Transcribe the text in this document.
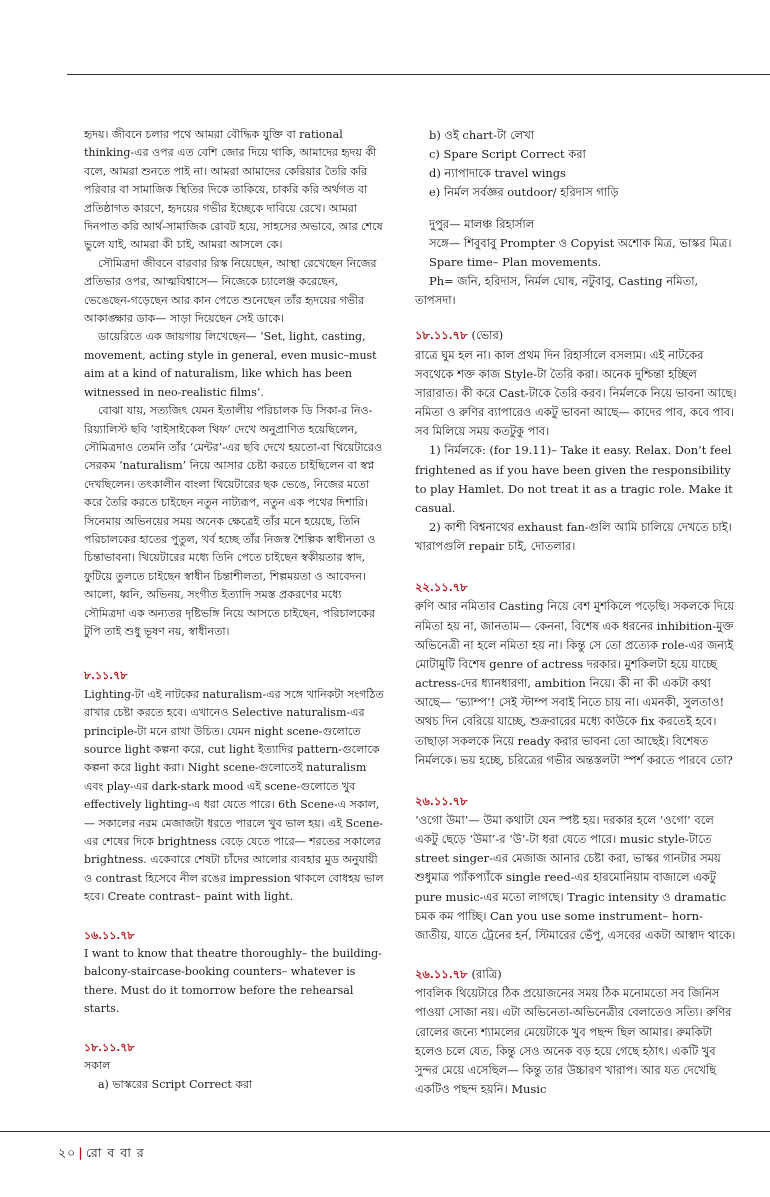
হৃদয়। জীবনে চলার পথে আমরা বৌদ্ধিক যুক্তি বা rational thinking-এর ওপর এত বেশি জোর দিয়ে থাকি, আমাদের হৃদয় কী বলে, আমরা শুনতে পাই না। আমরা আমাদের কেরিয়ার তৈরি করি পরিবার বা সামাজিক স্থিতির দিকে তাকিয়ে, চাকরি করি অর্থগত বা প্রতিষ্ঠাগত কারণে, হৃদয়ের গভীর ইচ্ছেকে দাবিয়ে রেখে। আমরা দিনপাত করি আর্থ-সামাজিক রোবট হয়ে, সাহসের অভাবে, আর শেষে ভুলে যাই, আমরা কী চাই, আমরা আসলে কে।

সৌমিত্রদা জীবনে বারবার রিস্ক নিয়েছেন, আস্থা রেখেছেন নিজের প্রতিভার ওপর, আত্মবিশ্বাসে— নিজেকে চ্যালেঞ্জ করেছেন, ভেঙেছেন-গড়েছেন আর কান পেতে শুনেছেন তাঁর হৃদয়ের গভীর আকাঙ্ক্ষার ডাক— সাড়া দিয়েছেন সেই ডাকে।

ডায়েরিতে এক জায়গায় লিখেছেন— ‘Set, light, casting, movement, acting style in general, even music–must aim at a kind of naturalism, like which has been witnessed in neo-realistic films’.

বোঝা যায়, সত্যজিৎ যেমন ইতালীয় পরিচালক ডি সিকা-র নিও-রিয়্যালিস্ট ছবি ‘বাইসাইকেল থিফ’ দেখে অনুপ্রাণিত হয়েছিলেন, সৌমিত্রদাও তেমনি তাঁর ‘মেন্টর’-এর ছবি দেখে হয়তো-বা থিয়েটারেও সেরকম ‘naturalism’ নিয়ে আসার চেষ্টা করতে চাইছিলেন বা স্বপ্ন দেখছিলেন। তৎকালীন বাংলা থিয়েটারের ছক ভেঙে, নিজের মতো করে তৈরি করতে চাইছেন নতুন নাট্যরূপ, নতুন এক পথের দিশারি। সিনেমায় অভিনয়ের সময় অনেক ক্ষেত্রেই তাঁর মনে হয়েছে, তিনি পরিচালকের হাতের পুতুল, খর্ব হচ্ছে তাঁর নিজস্ব শৈল্পিক স্বাধীনতা ও চিন্তাভাবনা। থিয়েটারের মধ্যে তিনি পেতে চাইছেন স্বকীয়তার স্বাদ, ফুটিয়ে তুলতে চাইছেন স্বাধীন চিন্তাশীলতা, শিল্পময়তা ও আবেদন। আলো, ধ্বনি, অভিনয়, সংগীত ইত্যাদি সমস্ত প্রকরণের মধ্যে সৌমিত্রদা এক অন্যতর দৃষ্টিভঙ্গি নিয়ে আসতে চাইছেন, পরিচালকের টুপি তাই শুধু ভূষণ নয়, স্বাধীনতা।

৮.১১.৭৮

Lighting-টা এই নাটকের naturalism-এর সঙ্গে খানিকটা সংগঠিত রাখার চেষ্টা করতে হবে। এখানেও Selective naturalism-এর principle-টা মনে রাখা উচিত। যেমন night scene-গুলোতে source light কল্পনা করে, cut light ইত্যাদির pattern-গুলোকে কল্পনা করে light করা। Night scene-গুলোতেই naturalism এবং play-এর dark-stark mood এই scene-গুলোতে খুব effectively lighting-এ ধরা যেতে পারে। 6th Scene-এ সকাল,— সকালের নরম মেজাজটা ধরতে পারলে খুব ভাল হয়। এই Scene-এর শেষের দিকে brightness বেড়ে যেতে পারে— শরতের সকালের brightness. একেবারে শেষটা চাঁদের আলোর ব্যবহার মুড অনুযায়ী ও contrast হিসেবে নীল রঙের impression থাকলে বোধহয় ভাল হবে। Create contrast– paint with light.

১৬.১১.৭৮

I want to know that theatre thoroughly– the building-balcony-staircase-booking counters– whatever is there. Must do it tomorrow before the rehearsal starts.

১৮.১১.৭৮

সকাল

a) ভাস্করের Script Correct করা

b) ওই chart-টা লেখা

c) Spare Script Correct করা

d) ন্যাপাদাকে travel wings

e) নির্মল সর্বজ্ঞর outdoor/ হরিদাস গাড়ি

দুপুর— মালঞ্চ রিহার্সাল

সঙ্গে— শিবুবাবু Prompter ও Copyist অশোক মিত্র, ভাস্কর মিত্র।

Spare time– Plan movements.

Ph= জনি, হরিদাস, নির্মল ঘোষ, নটুবাবু, Casting নমিতা, তাপসদা।

১৮.১১.৭৮ (ভোর)

রাত্রে ঘুম হল না। কাল প্রথম দিন রিহার্সালে বসলাম। এই নাটকের সবথেকে শক্ত কাজ Style-টা তৈরি করা। অনেক দুশ্চিন্তা হচ্ছিল সারারাত। কী করে Cast-টাকে তৈরি করব। নির্মলকে নিয়ে ভাবনা আছে। নমিতা ও রুণির ব্যাপারেও একটু ভাবনা আছে— কাদের পাব, কবে পাব। সব মিলিয়ে সময় কতটুকু পাব।

1) নির্মলকে: (for 19.11)– Take it easy. Relax. Don’t feel frightened as if you have been given the responsibility to play Hamlet. Do not treat it as a tragic role. Make it casual.

2) কাশী বিশ্বনাথের exhaust fan-গুলি আমি চালিয়ে দেখতে চাই। খারাপগুলি repair চাই, দোতলার।

২২.১১.৭৮

রুণি আর নমিতার Casting নিয়ে বেশ মুশকিলে পড়েছি। সকলকে দিয়ে নমিতা হয় না, জানতাম— কেননা, বিশেষ এক ধরনের inhibition-মুক্ত অভিনেত্রী না হলে নমিতা হয় না। কিন্তু সে তো প্রত্যেক role-এর জন্যই মোটামুটি বিশেষ genre of actress দরকার। মুশকিলটা হয়ে যাচ্ছে actress-দের ধ্যানধারণা, ambition নিয়ে। কী না কী একটা কথা আছে— ‘ভ্যাম্প’! সেই স্টাম্প সবাই নিতে চায় না। এমনকী, সুলতাও! অথচ দিন বেরিয়ে যাচ্ছে, শুক্রবারের মধ্যে কাউকে fix করতেই হবে। তাছাড়া সকলকে নিয়ে ready করার ভাবনা তো আছেই। বিশেষত নির্মলকে। ভয় হচ্ছে, চরিত্রের গভীর অন্তস্তলটা স্পর্শ করতে পারবে তো?

২৬.১১.৭৮

‘ওগো উমা’— উমা কথাটা যেন স্পষ্ট হয়। দরকার হলে ‘ওগো’ বলে একটু ছেড়ে ‘উমা’-র ‘উ’-টা ধরা যেতে পারে। music style-টাতে street singer-এর মেজাজ আনার চেষ্টা করা, ভাস্কর গানটার সময় শুধুমাত্র প্যাঁকপ্যাঁকে single reed-এর হারমোনিয়াম বাজালে একটু pure music-এর মতো লাগছে। Tragic intensity ও dramatic চমক কম পাচ্ছি। Can you use some instrument– horn-জাতীয়, যাতে ট্রেনের হর্ন, স্টিমারের ভেঁপু, এসবের একটা আস্বাদ থাকে।

২৬.১১.৭৮ (রাত্রি)

পাবলিক থিয়েটারে ঠিক প্রয়োজনের সময় ঠিক মনোমতো সব জিনিস পাওয়া সোজা নয়। এটা অভিনেতা-অভিনেত্রীর বেলাতেও সত্যি। রুণির রোলের জন্যে শ্যামলের মেয়েটাকে খুব পছন্দ ছিল আমার। রুমকিটা হলেও চলে যেত, কিন্তু সেও অনেক বড় হয়ে গেছে হঠাৎ। একটি খুব সুন্দর মেয়ে এসেছিল— কিন্তু তার উচ্চারণ খারাপ। আর যত দেখেছি একটিও পছন্দ হয়নি। Music

২০ | রো ব বা র
